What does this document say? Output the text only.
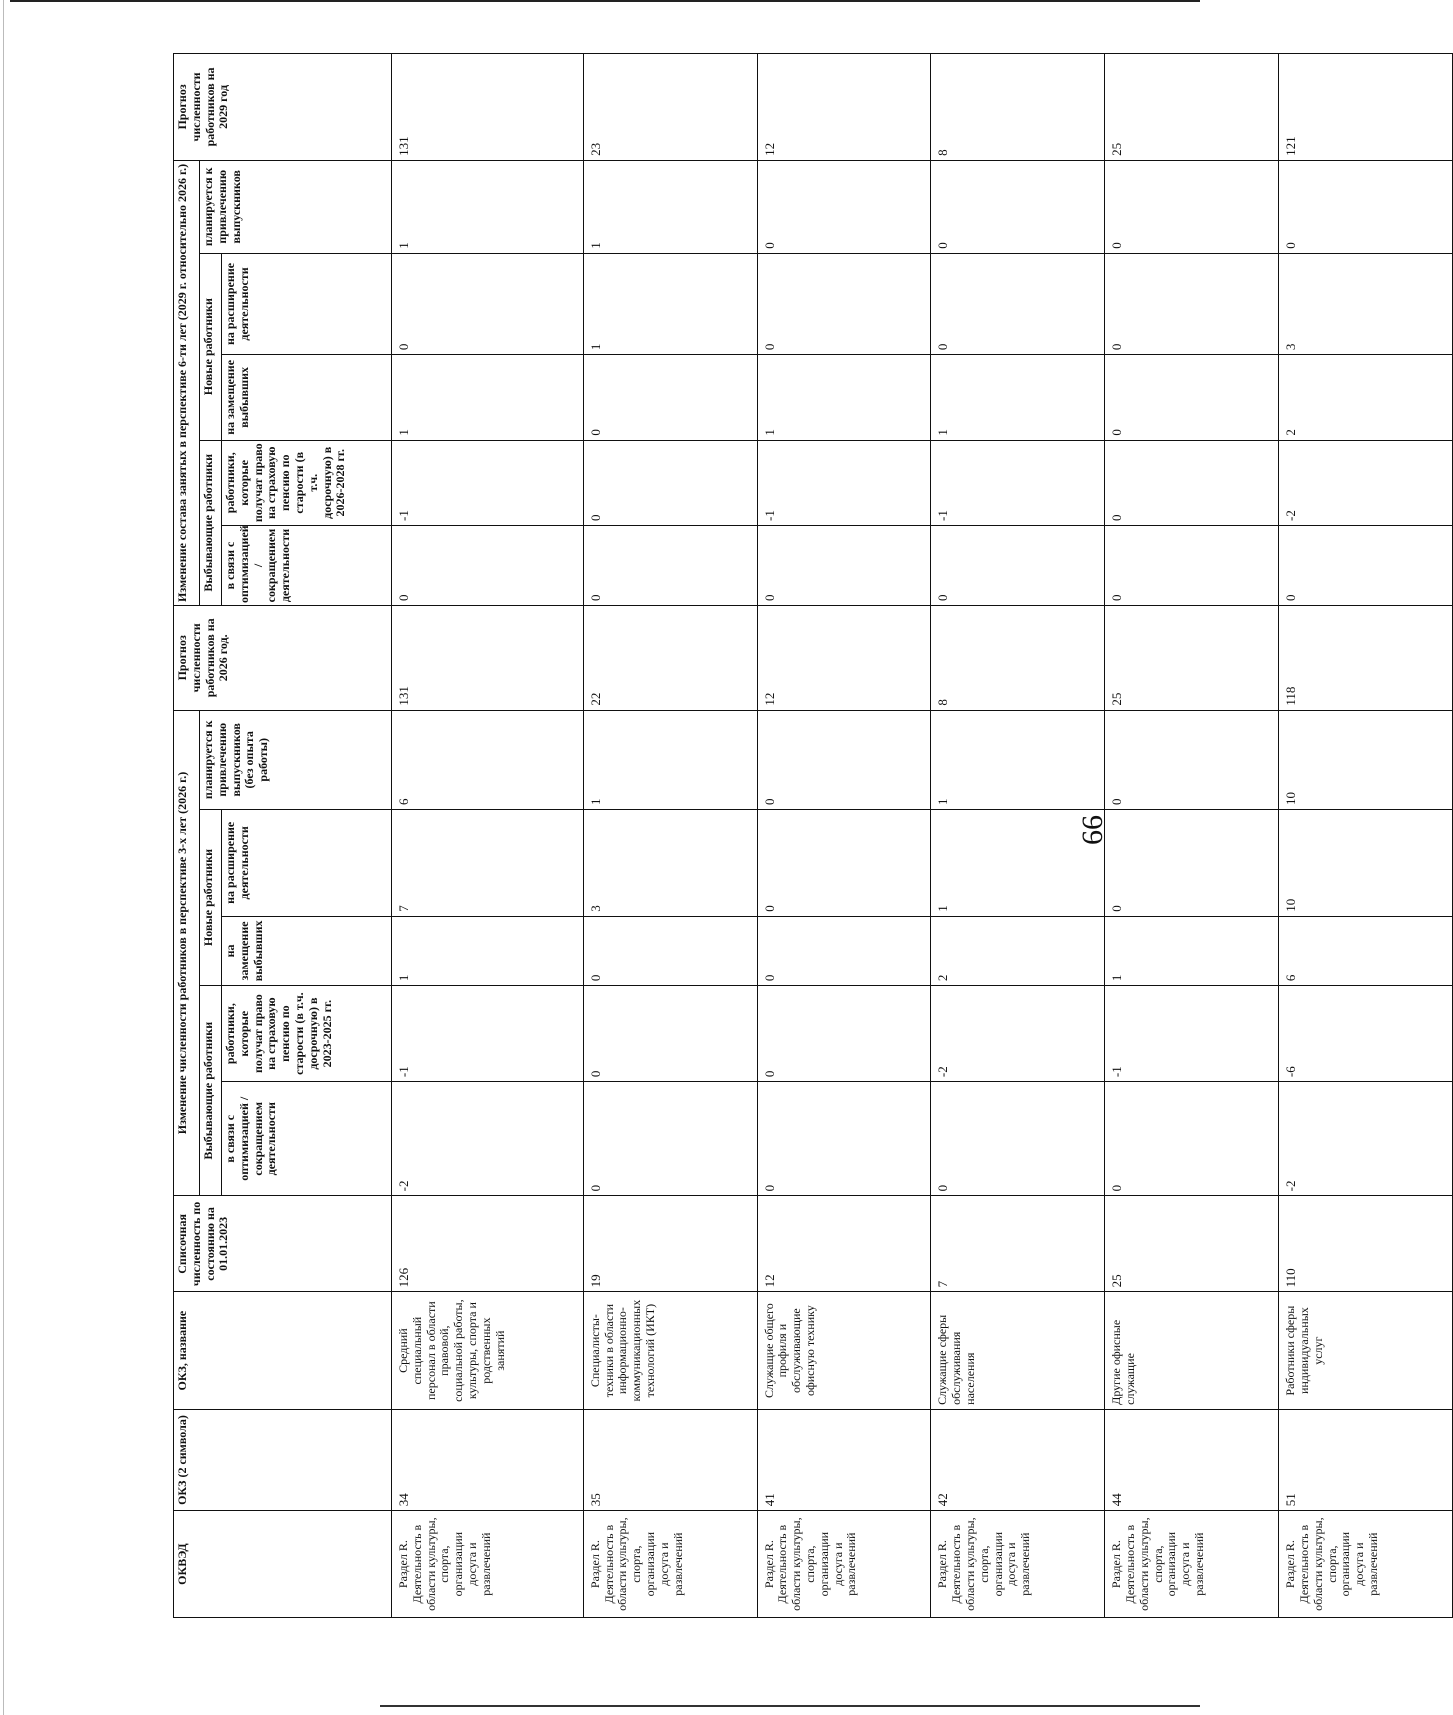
66
ОКВЭД	ОКЗ (2 символа)	ОКЗ, название	Списочная численность по состоянию на 01.01.2023	Изменение численности работников в перспективе 3-х лет (2026 г.)					Прогноз численности работников на 2026 год.	Изменение состава занятых в перспективе 6-ти лет (2029 г. относительно 2026 г.)					Прогноз численности работников на 2029 год
				Выбывающие работники		Новые работники		планируется к привлечению выпускников (без опыта работы)		Выбывающие работники		Новые работники		планируется к привлечению выпускников	
				в связи с оптимизацией / сокращением деятельности	работники, которые получат право на страховую пенсию по старости (в т.ч. досрочную) в 2023-2025 гг.	на замещение выбывших	на расширение деятельности			в связи с оптимизацией / сокращением деятельности	работники, которые получат право на страховую пенсию по старости (в т.ч. досрочную) в 2026-2028 гг.	на замещение выбывших	на расширение деятельности		
Раздел R. Деятельность в области культуры, спорта, организации досуга и развлечений	34	Средний специальный персонал в области правовой, социальной работы, культуры, спорта и родственных занятий	126	-2	-1	1	7	6	131	0	-1	1	0	1	131
Раздел R. Деятельность в области культуры, спорта, организации досуга и развлечений	35	Специалисты-техники в области информационно-коммуникационных технологий (ИКТ)	19	0	0	0	3	1	22	0	0	0	1	1	23
Раздел R. Деятельность в области культуры, спорта, организации досуга и развлечений	41	Служащие общего профиля и обслуживающие офисную технику	12	0	0	0	0	0	12	0	-1	1	0	0	12
Раздел R. Деятельность в области культуры, спорта, организации досуга и развлечений	42	Служащие сферы обслуживания населения	7	0	-2	2	1	1	8	0	-1	1	0	0	8
Раздел R. Деятельность в области культуры, спорта, организации досуга и развлечений	44	Другие офисные служащие	25	0	-1	1	0	0	25	0	0	0	0	0	25
Раздел R. Деятельность в области культуры, спорта, организации досуга и развлечений	51	Работники сферы индивидуальных услуг	110	-2	-6	6	10	10	118	0	-2	2	3	0	121
